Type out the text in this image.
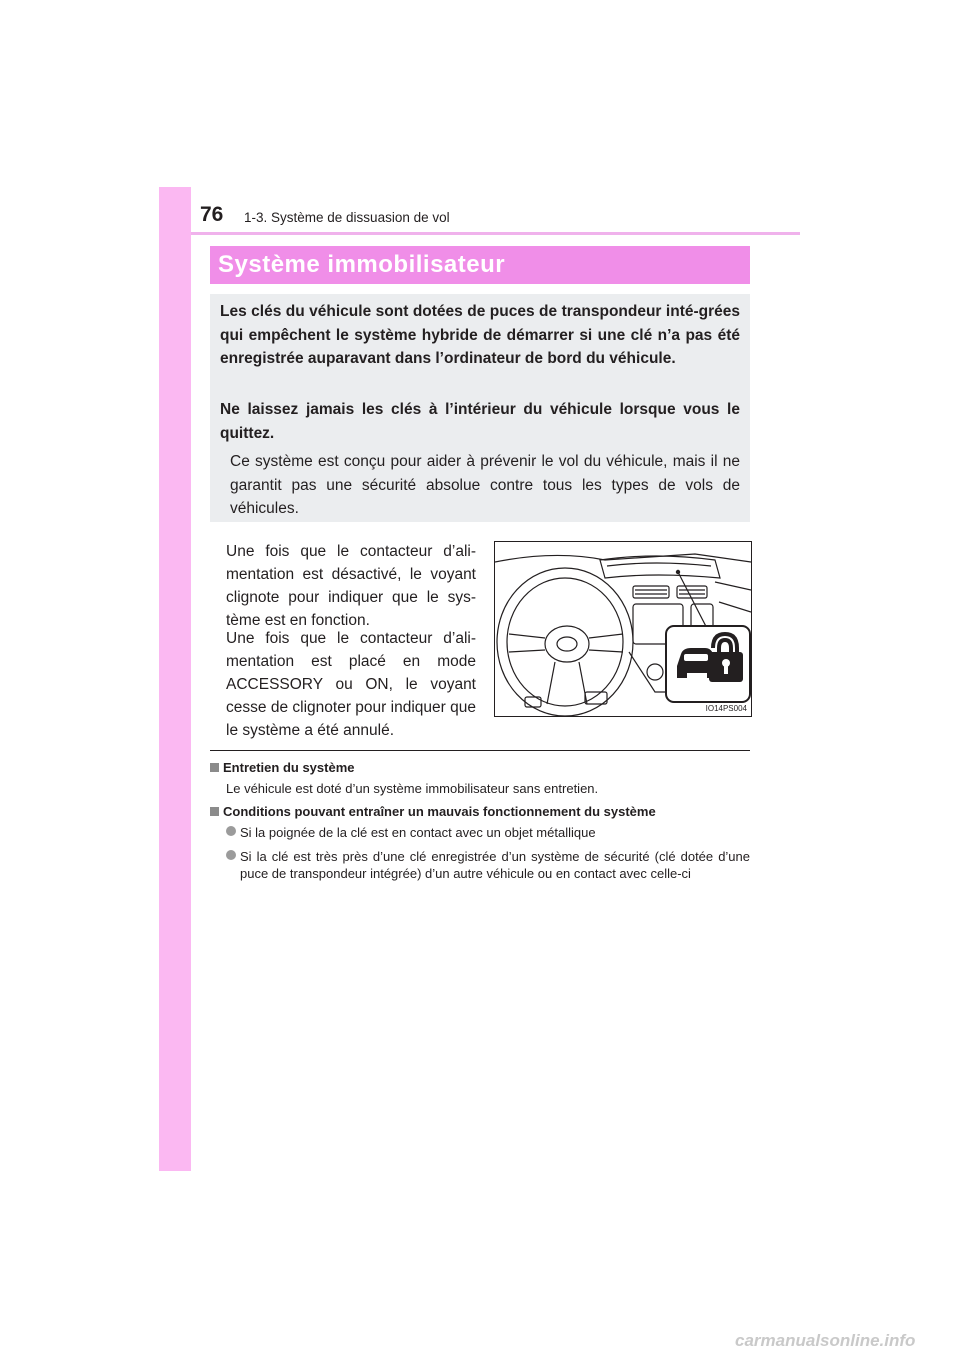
76 1-3. Système de dissuasion de vol
Système immobilisateur
Les clés du véhicule sont dotées de puces de transpondeur inté-grées qui empêchent le système hybride de démarrer si une clé n’a pas été enregistrée auparavant dans l’ordinateur de bord du véhicule.
Ne laissez jamais les clés à l’intérieur du véhicule lorsque vous le quittez.
Ce système est conçu pour aider à prévenir le vol du véhicule, mais il ne garantit pas une sécurité absolue contre tous les types de vols de véhicules.
Une fois que le contacteur d’ali-mentation est désactivé, le voyant clignote pour indiquer que le sys-tème est en fonction.
Une fois que le contacteur d’ali-mentation est placé en mode ACCESSORY ou ON, le voyant cesse de clignoter pour indiquer que le système a été annulé.
IO14PS004
Entretien du système
Le véhicule est doté d’un système immobilisateur sans entretien.
Conditions pouvant entraîner un mauvais fonctionnement du système
Si la poignée de la clé est en contact avec un objet métallique
Si la clé est très près d’une clé enregistrée d’un système de sécurité (clé dotée d’une puce de transpondeur intégrée) d’un autre véhicule ou en contact avec celle-ci
carmanualsonline.info
